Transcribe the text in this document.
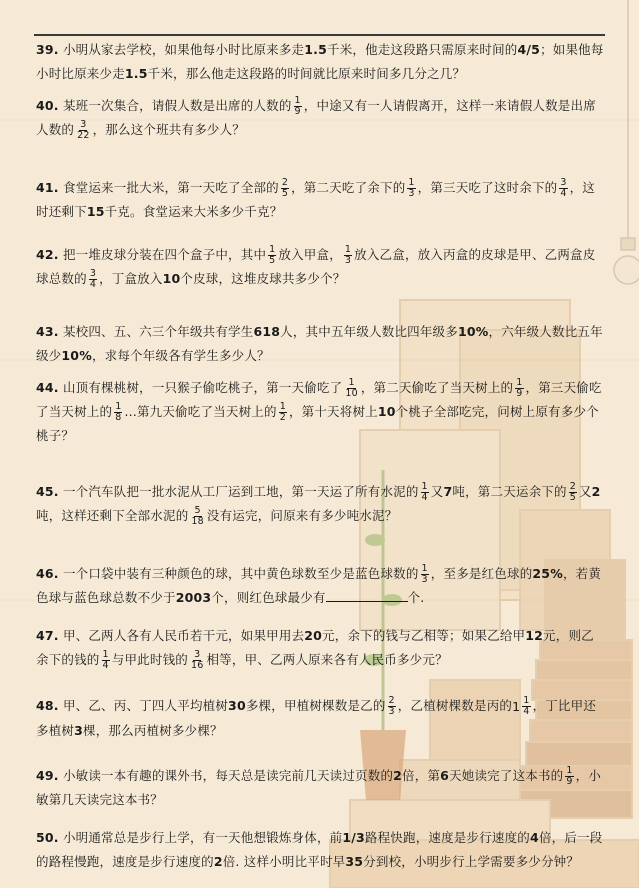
39. 小明从家去学校，如果他每小时比原来多走1.5千米，他走这段路只需原来时间的4/5；如果他每小时比原来少走1.5千米，那么他走这段路的时间就比原来时间多几分之几？
40. 某班一次集合，请假人数是出席的人数的 $\frac{1}{9}$ ，中途又有一人请假离开，这样一来请假人数是出席人数的 $\frac{3}{22}$ ，那么这个班共有多少人？
41. 食堂运来一批大米，第一天吃了全部的 $\frac{2}{5}$ ，第二天吃了余下的 $\frac{1}{3}$ ，第三天吃了这时余下的 $\frac{3}{4}$ ，这时还剩下15千克。食堂运来大米多少千克？
42. 把一堆皮球分装在四个盒子中，其中 $\frac{1}{5}$ 放入甲盒， $\frac{1}{3}$ 放入乙盒，放入丙盒的皮球是甲、乙两盒皮球总数的 $\frac{3}{4}$ ，丁盒放入10个皮球，这堆皮球共多少个？
43. 某校四、五、六三个年级共有学生618人，其中五年级人数比四年级多10%，六年级人数比五年级少10%，求每个年级各有学生多少人？
44. 山顶有棵桃树，一只猴子偷吃桃子，第一天偷吃了 $\frac{1}{10}$ ，第二天偷吃了当天树上的 $\frac{1}{9}$ ，第三天偷吃了当天树上的 $\frac{1}{8}$ ...第九天偷吃了当天树上的 $\frac{1}{2}$ ，第十天将树上10个桃子全部吃完，问树上原有多少个桃子？
45. 一个汽车队把一批水泥从工厂运到工地，第一天运了所有水泥的 $\frac{1}{4}$ 又7吨，第二天运余下的 $\frac{2}{5}$ 又2吨，这样还剩下全部水泥的 $\frac{5}{18}$ 没有运完，问原来有多少吨水泥？
46. 一个口袋中装有三种颜色的球，其中黄色球数至少是蓝色球数的 $\frac{1}{3}$ ，至多是红色球的25%，若黄色球与蓝色球总数不少于2003个，则红色球最少有	个.
47. 甲、乙两人各有人民币若干元，如果甲用去20元，余下的钱与乙相等；如果乙给甲12元，则乙余下的钱的 $\frac{1}{4}$ 与甲此时钱的 $\frac{3}{16}$ 相等，甲、乙两人原来各有人民币多少元？
48. 甲、乙、丙、丁四人平均植树30多棵，甲植树棵数是乙的 $\frac{2}{3}$ ，乙植树棵数是丙的 $1 \frac{1}{4}$ ，丁比甲还多植树3棵，那么丙植树多少棵？
49. 小敏读一本有趣的课外书，每天总是读完前几天读过页数的2倍，第6天她读完了这本书的 $\frac{1}{9}$ ，小敏第几天读完这本书？
50. 小明通常总是步行上学，有一天他想锻炼身体，前1/3路程快跑，速度是步行速度的4倍，后一段的路程慢跑，速度是步行速度的2倍. 这样小明比平时早35分到校，小明步行上学需要多少分钟？
